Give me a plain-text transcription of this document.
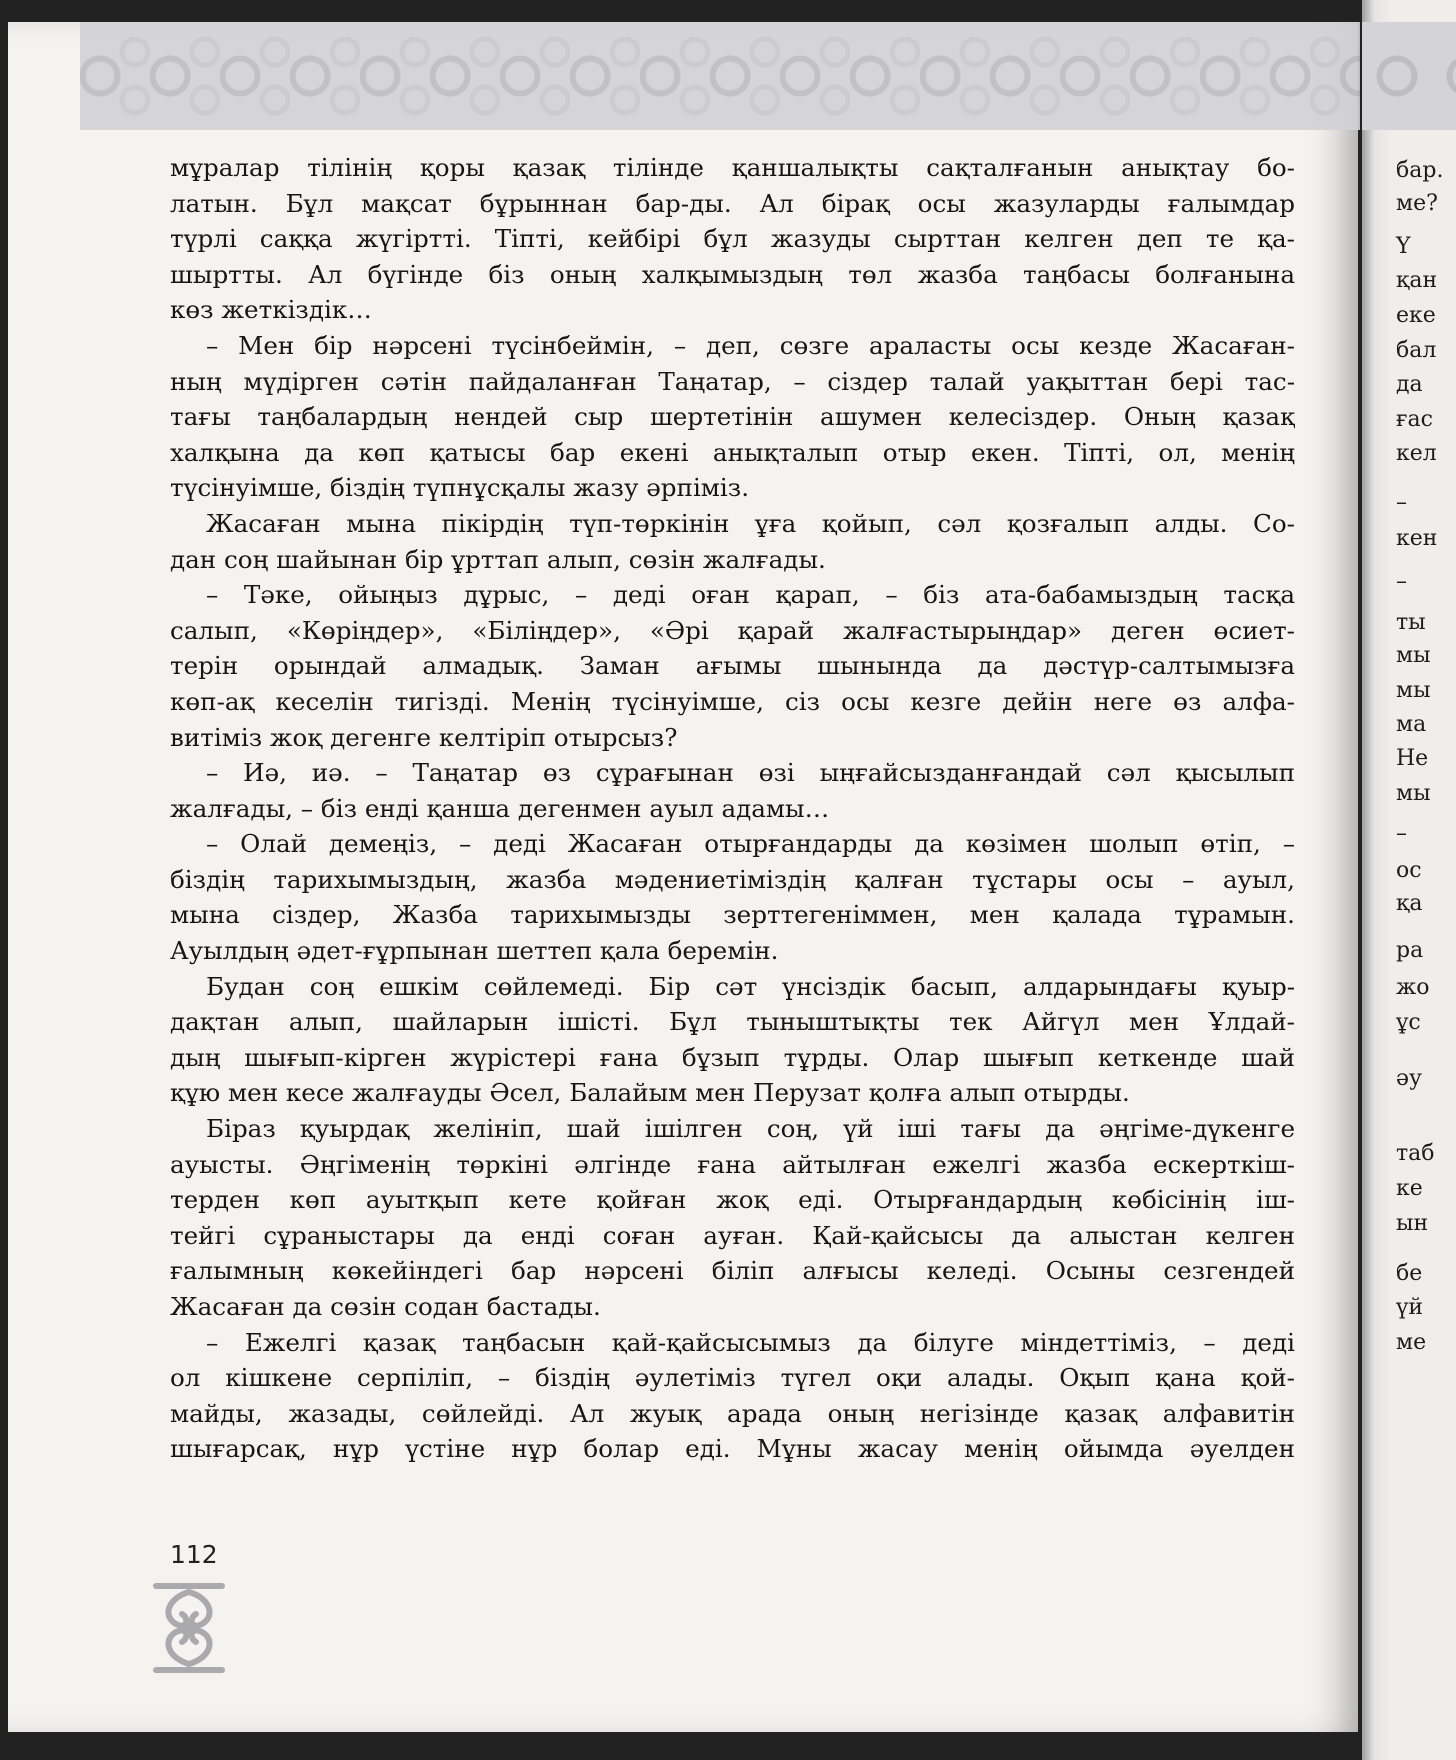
мұралар тілінің қоры қазақ тілінде қаншалықты сақталғанын анықтау бо-
латын. Бұл мақсат бұрыннан бар-ды. Ал бірақ осы жазуларды ғалымдар
түрлі саққа жүгіртті. Тіпті, кейбірі бұл жазуды сырттан келген деп те қа-
шыртты. Ал бүгінде біз оның халқымыздың төл жазба таңбасы болғанына
көз жеткіздік…
– Мен бір нәрсені түсінбеймін, – деп, сөзге араласты осы кезде Жасаған-
ның мүдірген сәтін пайдаланған Таңатар, – сіздер талай уақыттан бері тас-
тағы таңбалардың нендей сыр шертетінін ашумен келесіздер. Оның қазақ
халқына да көп қатысы бар екені анықталып отыр екен. Тіпті, ол, менің
түсінуімше, біздің түпнұсқалы жазу әрпіміз.
Жасаған мына пікірдің түп-төркінін ұға қойып, сәл қозғалып алды. Со-
дан соң шайынан бір ұрттап алып, сөзін жалғады.
– Тәке, ойыңыз дұрыс, – деді оған қарап, – біз ата-бабамыздың тасқа
салып, «Көріңдер», «Біліңдер», «Әрі қарай жалғастырыңдар» деген өсиет-
терін орындай алмадық. Заман ағымы шынында да дәстүр-салтымызға
көп-ақ кеселін тигізді. Менің түсінуімше, сіз осы кезге дейін неге өз алфа-
витіміз жоқ дегенге келтіріп отырсыз?
– Иә, иә. – Таңатар өз сұрағынан өзі ыңғайсызданғандай сәл қысылып
жалғады, – біз енді қанша дегенмен ауыл адамы…
– Олай демеңіз, – деді Жасаған отырғандарды да көзімен шолып өтіп, –
біздің тарихымыздың, жазба мәдениетіміздің қалған тұстары осы – ауыл,
мына сіздер, Жазба тарихымызды зерттегеніммен, мен қалада тұрамын.
Ауылдың әдет-ғұрпынан шеттеп қала беремін.
Будан соң ешкім сөйлемеді. Бір сәт үнсіздік басып, алдарындағы қуыр-
дақтан алып, шайларын ішісті. Бұл тыныштықты тек Айгүл мен Ұлдай-
дың шығып-кірген жүрістері ғана бұзып тұрды. Олар шығып кеткенде шай
құю мен кесе жалғауды Әсел, Балайым мен Перузат қолға алып отырды.
Біраз қуырдақ желініп, шай ішілген соң, үй іші тағы да әңгіме-дүкенге
ауысты. Әңгіменің төркіні әлгінде ғана айтылған ежелгі жазба ескерткіш-
терден көп ауытқып кете қойған жоқ еді. Отырғандардың көбісінің іш-
тейгі сұраныстары да енді соған ауған. Қай-қайсысы да алыстан келген
ғалымның көкейіндегі бар нәрсені біліп алғысы келеді. Осыны сезгендей
Жасаған да сөзін содан бастады.
– Ежелгі қазақ таңбасын қай-қайсысымыз да білуге міндеттіміз, – деді
ол кішкене серпіліп, – біздің әулетіміз түгел оқи алады. Оқып қана қой-
майды, жазады, сөйлейді. Ал жуық арада оның негізінде қазақ алфавитін
шығарсақ, нұр үстіне нұр болар еді. Мұны жасау менің ойымда әуелден
112
бар.
ме?
Ү
қан
еке
бал
да
ғас
кел
–
кен
–
ты
мы
мы
ма
Не
мы
–
ос
қа
ра
жо
ұс
әу
таб
ке
ын
бе
үй
ме
